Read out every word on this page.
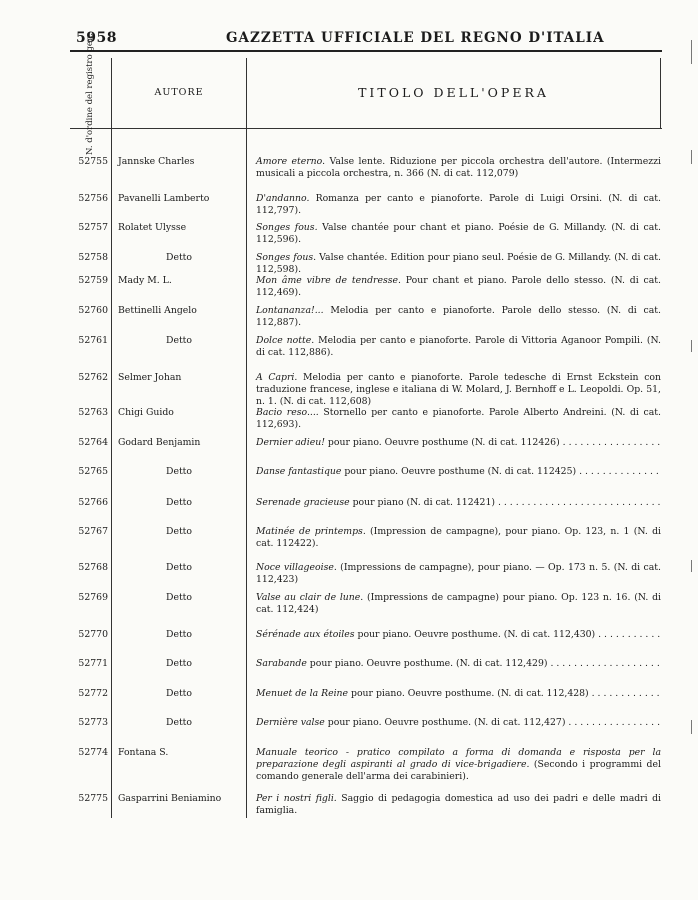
5958	GAZZETTA UFFICIALE DEL REGNO D'ITALIA
N. d'ordine del registro gen.	AUTORE	TITOLO DELL'OPERA
52755 Jannske Charles	Amore eterno. Valse lente. Riduzione per piccola orchestra dell'autore. (Intermezzi musicali a piccola orchestra, n. 366 (N. di cat. 112,079)
52756 Pavanelli Lamberto	D'andanno. Romanza per canto e pianoforte. Parole di Luigi Orsini. (N. di cat. 112,797).
52757 Rolatet Ulysse	Songes fous. Valse chantée pour chant et piano. Poésie de G. Millandy. (N. di cat. 112,596).
52758	Detto	Songes fous. Valse chantée. Edition pour piano seul. Poésie de G. Millandy. (N. di cat. 112,598).
52759 Mady M. L.	Mon âme vibre de tendresse. Pour chant et piano. Parole dello stesso. (N. di cat. 112,469).
52760 Bettinelli Angelo	Lontananza!... Melodia per canto e pianoforte. Parole dello stesso. (N. di cat. 112,887).
52761	Detto	Dolce notte. Melodia per canto e pianoforte. Parole di Vittoria Aganoor Pompili. (N. di cat. 112,886).
52762 Selmer Johan	A Capri. Melodia per canto e pianoforte. Parole tedesche di Ernst Eckstein con traduzione francese, inglese e italiana di W. Molard, J. Bernhoff e L. Leopoldi. Op. 51, n. 1. (N. di cat. 112,608)
52763 Chigi Guido	Bacio reso.... Stornello per canto e pianoforte. Parole Alberto Andreini. (N. di cat. 112,693).
52764 Godard Benjamin	Dernier adieu! pour piano. Oeuvre posthume (N. di cat. 112426) . . .
52765	Detto	Danse fantastique pour piano. Oeuvre posthume (N. di cat. 112425) . . .
52766	Detto	Serenade gracieuse pour piano (N. di cat. 112421) . . .
52767	Detto	Matinée de printemps. (Impression de campagne), pour piano. Op. 123, n. 1 (N. di cat. 112422).
52768	Detto	Noce villageoise. (Impressions de campagne), pour piano. — Op. 173 n. 5. (N. di cat. 112,423)
52769	Detto	Valse au clair de lune. (Impressions de campagne) pour piano. Op. 123 n. 16. (N. di cat. 112,424)
52770	Detto	Sérénade aux étoiles pour piano. Oeuvre posthume. (N. di cat. 112,430) . . .
52771	Detto	Sarabande pour piano. Oeuvre posthume. (N. di cat. 112,429) . . .
52772	Detto	Menuet de la Reine pour piano. Oeuvre posthume. (N. di cat. 112,428) . . .
52773	Detto	Dernière valse pour piano. Oeuvre posthume. (N. di cat. 112,427) . . .
52774 Fontana S.	Manuale teorico - pratico compilato a forma di domanda e risposta per la preparazione degli aspiranti al grado di vice-brigadiere. (Secondo i programmi del comando generale dell'arma dei carabinieri).
52775 Gasparrini Beniamino	Per i nostri figli. Saggio di pedagogia domestica ad uso dei padri e delle madri di famiglia.
